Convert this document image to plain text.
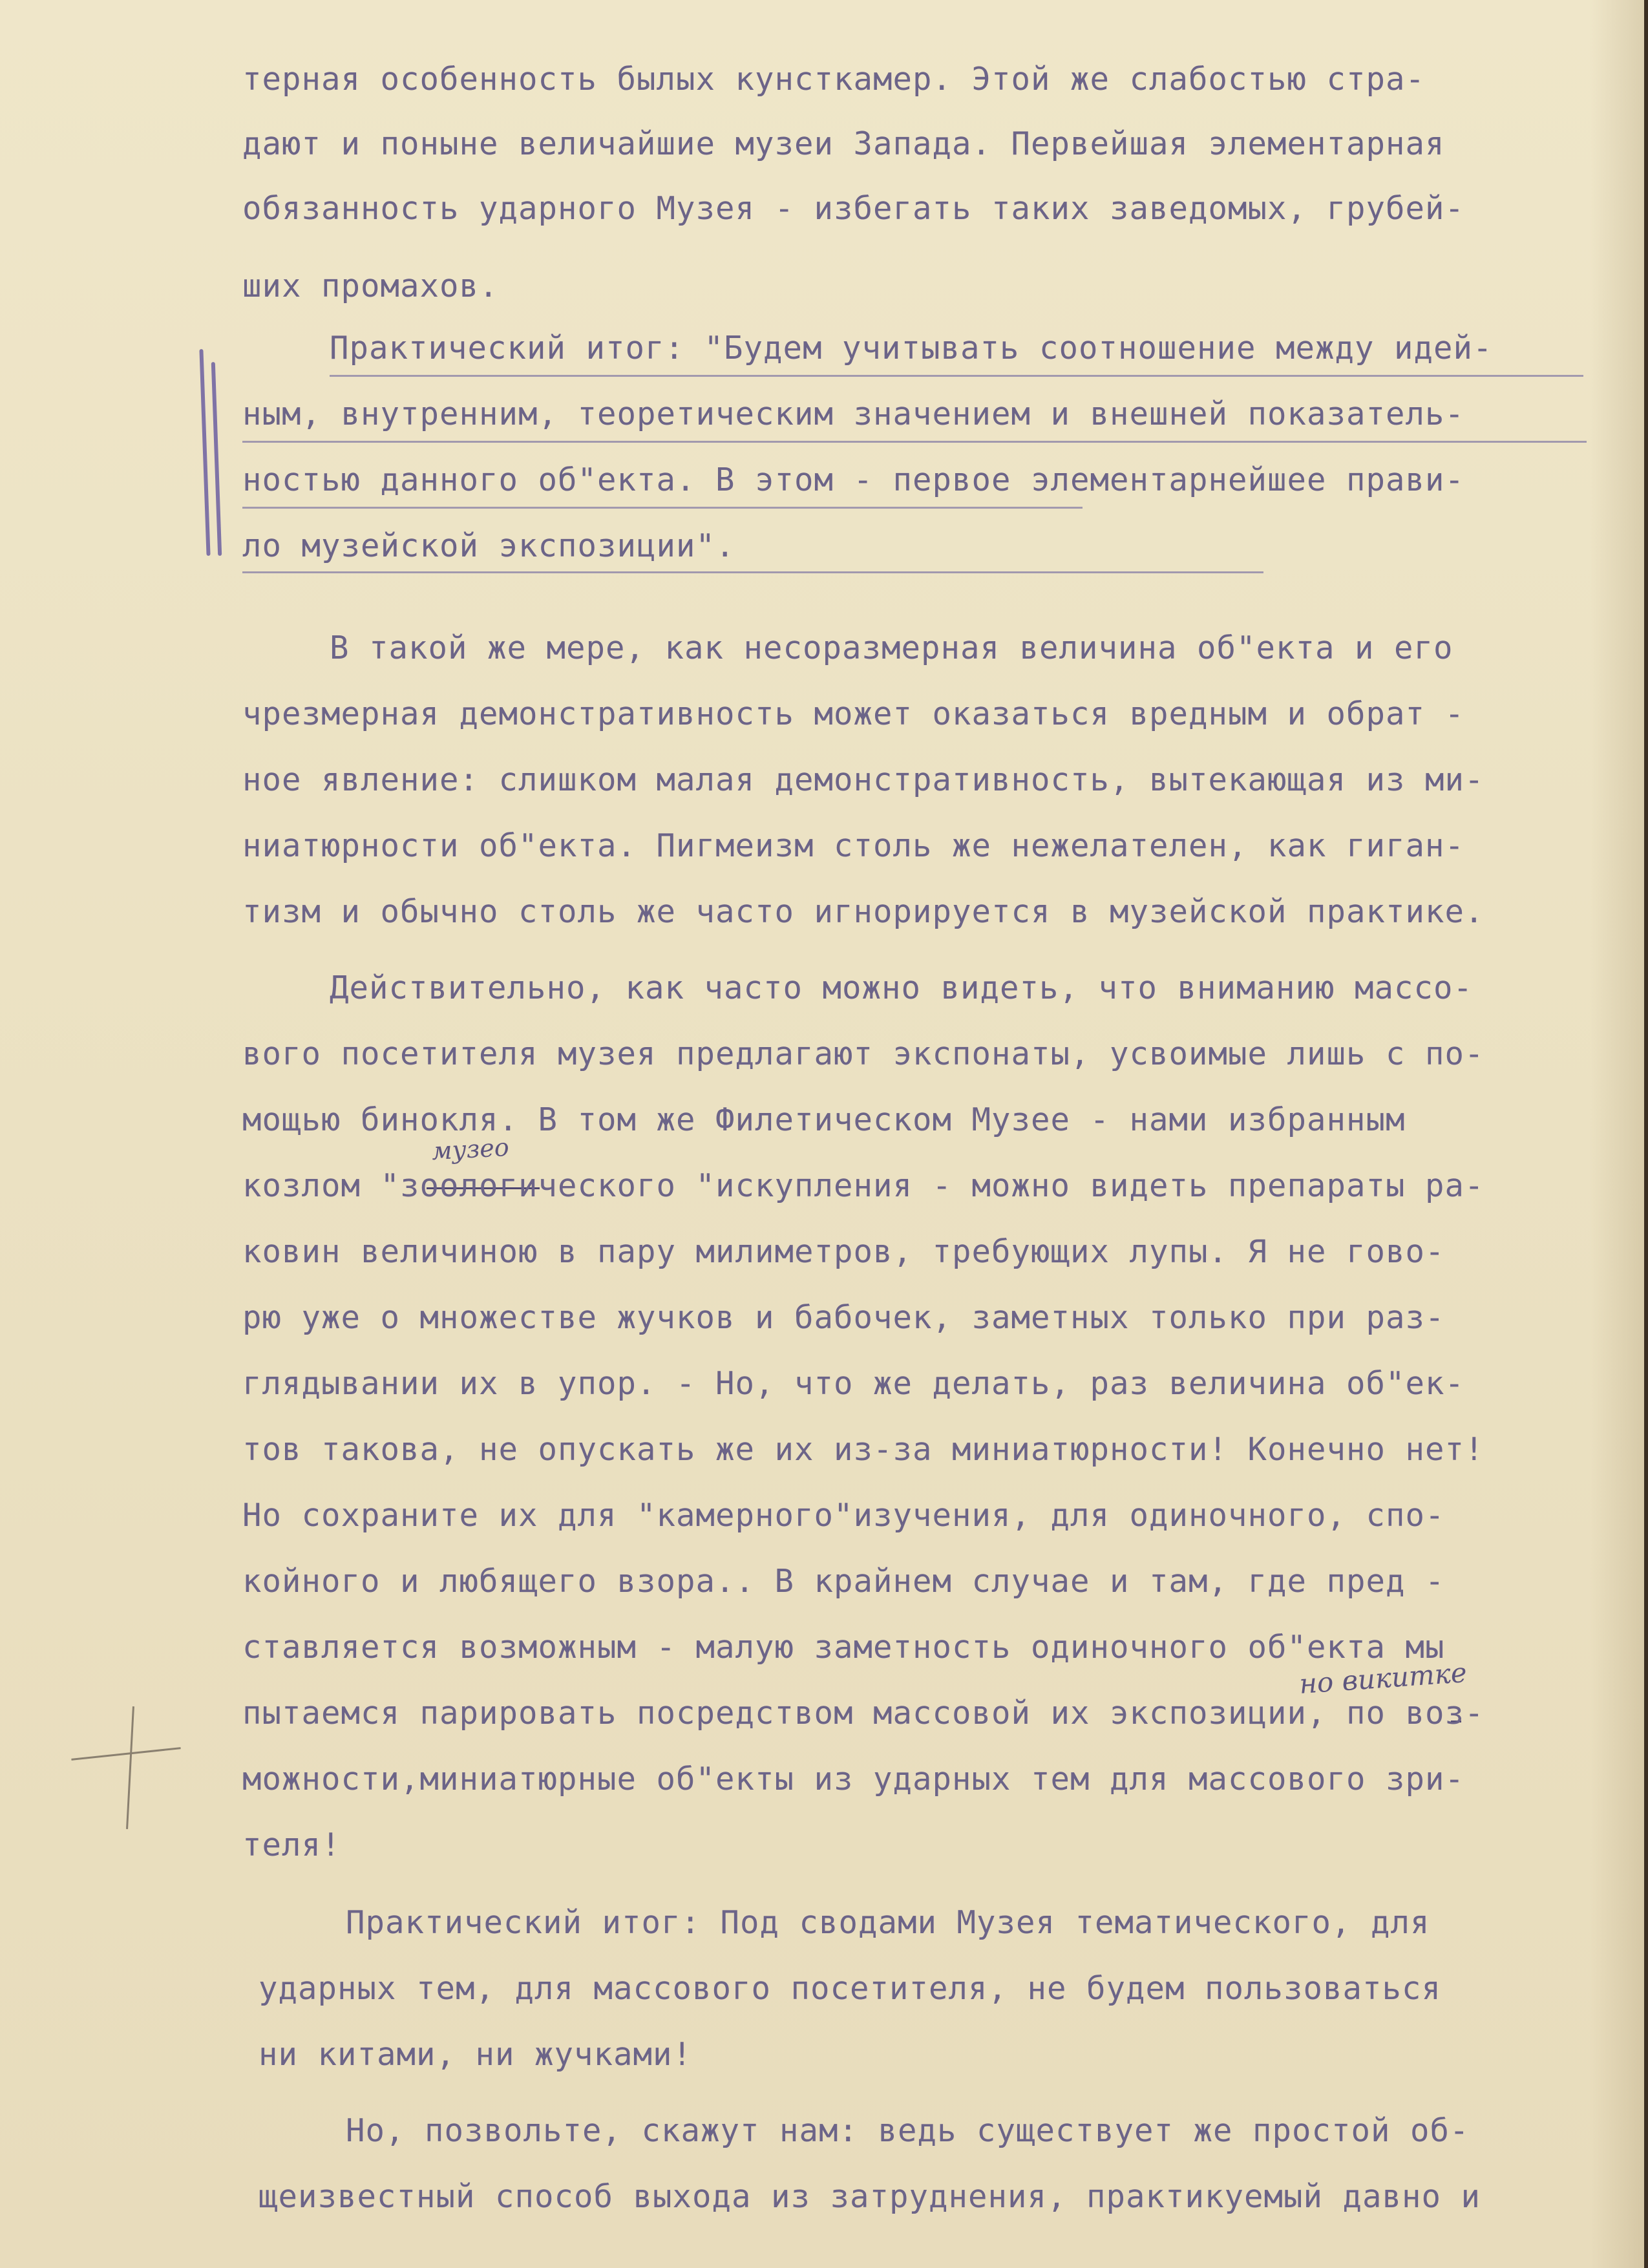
музео
но викитке
терная особенность былых кунсткамер. Этой же слабостью стра-
дают и поныне величайшие музеи Запада. Первейшая элементарная
обязанность ударного Музея - избегать таких заведомых, грубей-
ших промахов.
Практический итог: "Будем учитывать соотношение между идей-
ным, внутренним, теоретическим значением и внешней показатель-
ностью данного об"екта. В этом - первое элементарнейшее прави-
ло музейской экспозиции".
В такой же мере, как несоразмерная величина об"екта и его
чрезмерная демонстративность может оказаться вредным и обрат -
ное явление: слишком малая демонстративность, вытекающая из ми-
ниатюрности об"екта. Пигмеизм столь же нежелателен, как гиган-
тизм и обычно столь же часто игнорируется в музейской практике.
Действительно, как часто можно видеть, что вниманию массо-
вого посетителя музея предлагают экспонаты, усвоимые лишь с по-
мощью бинокля. В том же Филетическом Музее - нами избранным
козлом "зоологического "искупления - можно видеть препараты ра-
ковин величиною в пару милиметров, требующих лупы. Я не гово-
рю уже о множестве жучков и бабочек, заметных только при раз-
глядывании их в упор. - Но, что же делать, раз величина об"ек-
тов такова, не опускать же их из-за миниатюрности! Конечно нет!
Но сохраните их для "камерного"изучения, для одиночного, спо-
койного и любящего взора.. В крайнем случае и там, где пред -
ставляется возможным - малую заметность одиночного об"екта мы
пытаемся парировать посредством массовой их экспозиции, по воз-
можности,миниатюрные об"екты из ударных тем для массового зри-
теля!
Практический итог: Под сводами Музея тематического, для
ударных тем, для массового посетителя, не будем пользоваться
ни китами, ни жучками!
Но, позвольте, скажут нам: ведь существует же простой об-
щеизвестный способ выхода из затруднения, практикуемый давно и
